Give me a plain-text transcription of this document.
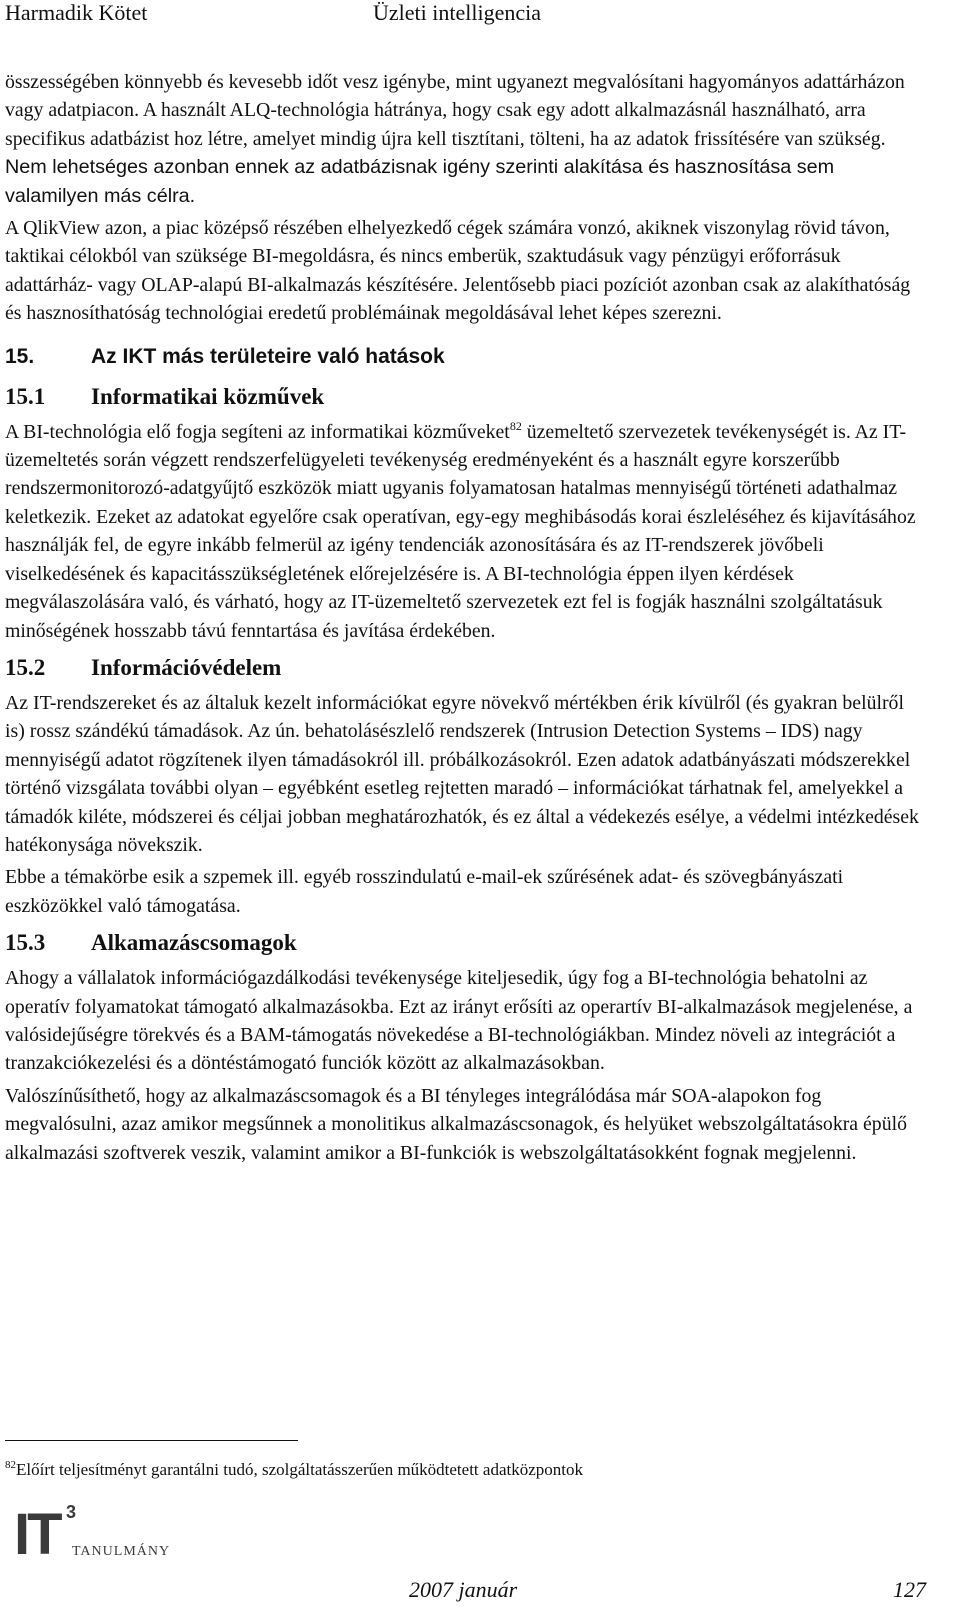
Harmadik Kötet	Üzleti intelligencia

összességében könnyebb és kevesebb időt vesz igénybe, mint ugyanezt megvalósítani hagyományos adattárházon vagy adatpiacon. A használt ALQ-technológia hátránya, hogy csak egy adott alkalmazásnál használható, arra specifikus adatbázist hoz létre, amelyet mindig újra kell tisztítani, tölteni, ha az adatok frissítésére van szükség. Nem lehetséges azonban ennek az adatbázisnak igény szerinti alakítása és hasznosítása sem valamilyen más célra.

A QlikView azon, a piac középső részében elhelyezkedő cégek számára vonzó, akiknek viszonylag rövid távon, taktikai célokból van szüksége BI-megoldásra, és nincs emberük, szaktudásuk vagy pénzügyi erőforrásuk adattárház- vagy OLAP-alapú BI-alkalmazás készítésére. Jelentősebb piaci pozíciót azonban csak az alakíthatóság és hasznosíthatóság technológiai eredetű problémáinak megoldásával lehet képes szerezni.

15.	Az IKT más területeire való hatások
15.1	Informatikai közművek

A BI-technológia elő fogja segíteni az informatikai közműveket$^{82}$ üzemeltető szervezetek tevékenységét is. Az IT-üzemeltetés során végzett rendszerfelügyeleti tevékenység eredményeként és a használt egyre korszerűbb rendszermonitorozó-adatgyűjtő eszközök miatt ugyanis folyamatosan hatalmas mennyiségű történeti adathalmaz keletkezik. Ezeket az adatokat egyelőre csak operatívan, egy-egy meghibásodás korai észleléséhez és kijavításához használják fel, de egyre inkább felmerül az igény tendenciák azonosítására és az IT-rendszerek jövőbeli viselkedésének és kapacitásszükségletének előrejelzésére is. A BI-technológia éppen ilyen kérdések megválaszolására való, és várható, hogy az IT-üzemeltető szervezetek ezt fel is fogják használni szolgáltatásuk minőségének hosszabb távú fenntartása és javítása érdekében.

15.2	Információvédelem

Az IT-rendszereket és az általuk kezelt információkat egyre növekvő mértékben érik kívülről (és gyakran belülről is) rossz szándékú támadások. Az ún. behatolásészlelő rendszerek (Intrusion Detection Systems – IDS) nagy mennyiségű adatot rögzítenek ilyen támadásokról ill. próbálkozásokról. Ezen adatok adatbányászati módszerekkel történő vizsgálata további olyan – egyébként esetleg rejtetten maradó – információkat tárhatnak fel, amelyekkel a támadók kiléte, módszerei és céljai jobban meghatározhatók, és ez által a védekezés esélye, a védelmi intézkedések hatékonysága növekszik.

Ebbe a témakörbe esik a szpemek ill. egyéb rosszindulatú e-mail-ek szűrésének adat- és szövegbányászati eszközökkel való támogatása.

15.3	Alkamazáscsomagok

Ahogy a vállalatok információgazdálkodási tevékenysége kiteljesedik, úgy fog a BI-technológia behatolni az operatív folyamatokat támogató alkalmazásokba. Ezt az irányt erősíti az operartív BI-alkalmazások megjelenése, a valósidejűségre törekvés és a BAM-támogatás növekedése a BI-technológiákban. Mindez növeli az integrációt a tranzakciókezelési és a döntéstámogató funciók között az alkalmazásokban.

Valószínűsíthető, hogy az alkalmazáscsomagok és a BI tényleges integrálódása már SOA-alapokon fog megvalósulni, azaz amikor megsűnnek a monolitikus alkalmazáscsonagok, és helyüket webszolgáltatásokra épülő alkalmazási szoftverek veszik, valamint amikor a BI-funkciók is webszolgáltatásokként fognak megjelenni.

$^{82}$Előírt teljesítményt garantálni tudó, szolgáltatásszerűen működtetett adatközpontok
IT 3
TANULMÁNY
2007 január	127
